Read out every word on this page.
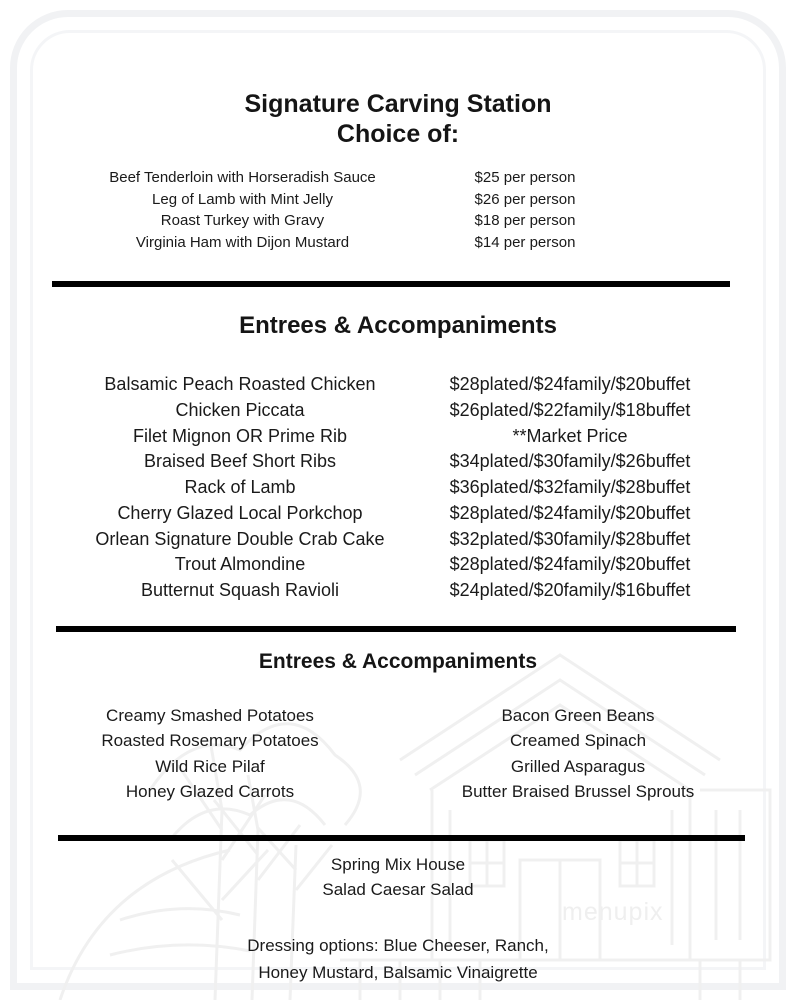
menupix
Signature Carving Station
Choice of:
Beef Tenderloin with Horseradish Sauce	$25 per person
Leg of Lamb with Mint Jelly	$26 per person
Roast Turkey with Gravy	$18 per person
Virginia Ham with Dijon Mustard	$14 per person
Entrees & Accompaniments
Balsamic Peach Roasted Chicken	$28plated/$24family/$20buffet
Chicken Piccata	$26plated/$22family/$18buffet
Filet Mignon OR Prime Rib	**Market Price
Braised Beef Short Ribs	$34plated/$30family/$26buffet
Rack of Lamb	$36plated/$32family/$28buffet
Cherry Glazed Local Porkchop	$28plated/$24family/$20buffet
Orlean Signature Double Crab Cake	$32plated/$30family/$28buffet
Trout Almondine	$28plated/$24family/$20buffet
Butternut Squash Ravioli	$24plated/$20family/$16buffet
Entrees & Accompaniments
Creamy Smashed Potatoes
Roasted Rosemary Potatoes
Wild Rice Pilaf
Honey Glazed Carrots
Bacon Green Beans
Creamed Spinach
Grilled Asparagus
Butter Braised Brussel Sprouts
Spring Mix House
Salad Caesar Salad
Dressing options: Blue Cheeser, Ranch,
Honey Mustard, Balsamic Vinaigrette
